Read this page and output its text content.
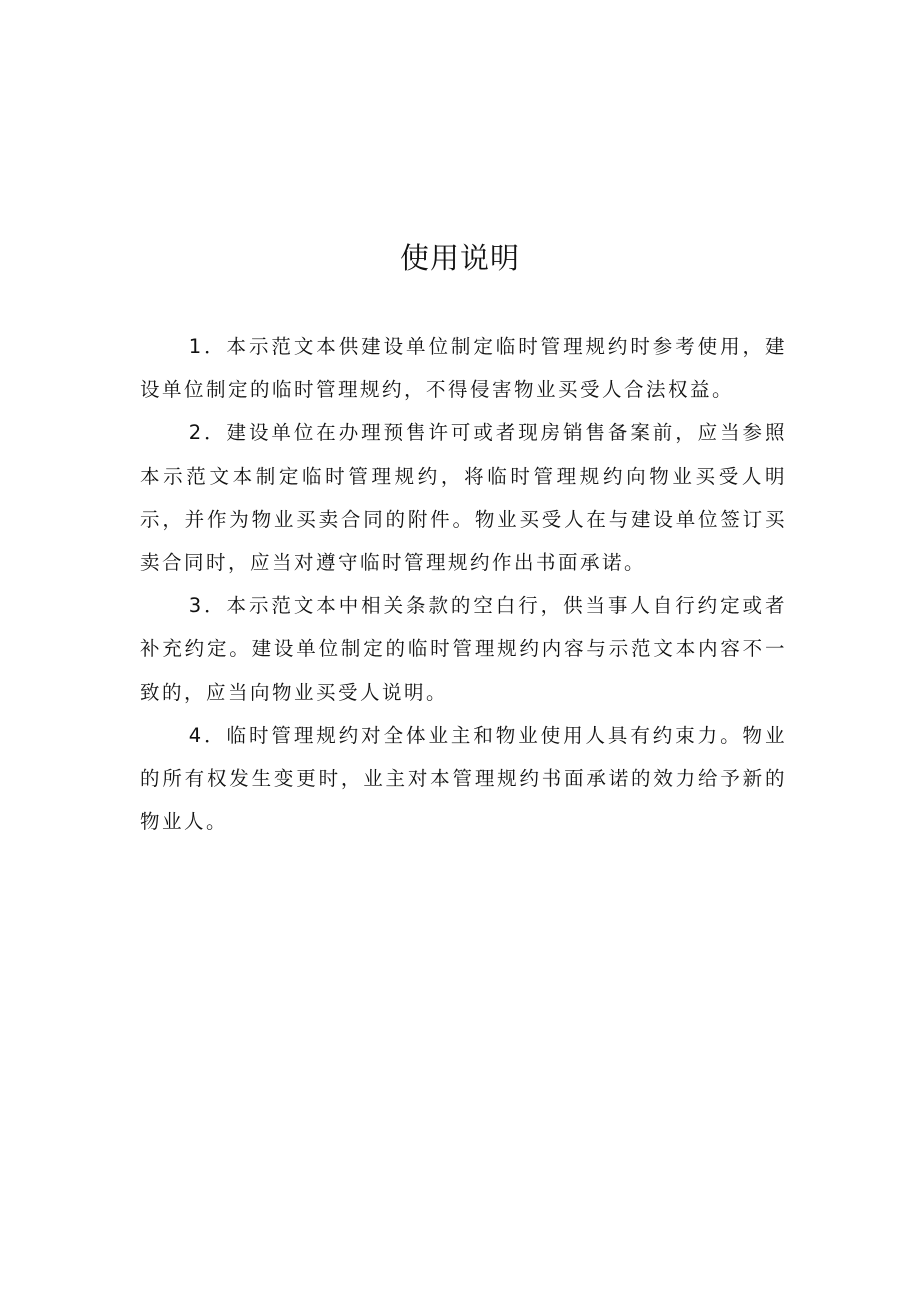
使用说明

1．本示范文本供建设单位制定临时管理规约时参考使用，建设单位制定的临时管理规约，不得侵害物业买受人合法权益。

2．建设单位在办理预售许可或者现房销售备案前，应当参照本示范文本制定临时管理规约，将临时管理规约向物业买受人明示，并作为物业买卖合同的附件。物业买受人在与建设单位签订买卖合同时，应当对遵守临时管理规约作出书面承诺。

3．本示范文本中相关条款的空白行，供当事人自行约定或者补充约定。建设单位制定的临时管理规约内容与示范文本内容不一致的，应当向物业买受人说明。

4．临时管理规约对全体业主和物业使用人具有约束力。物业的所有权发生变更时，业主对本管理规约书面承诺的效力给予新的物业人。
